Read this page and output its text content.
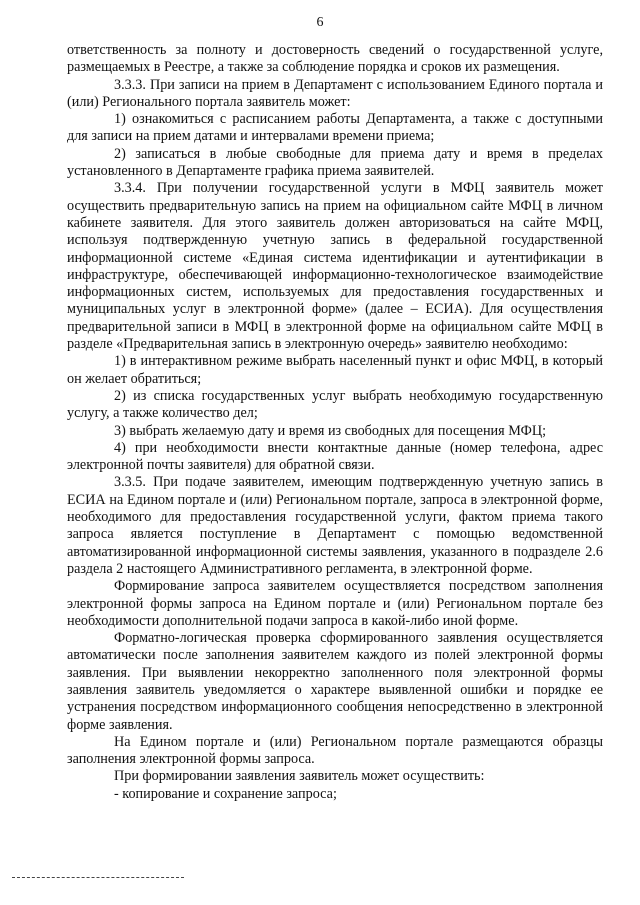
6

ответственность за полноту и достоверность сведений о государственной услуге, размещаемых в Реестре, а также за соблюдение порядка и сроков их размещения.

3.3.3. При записи на прием в Департамент с использованием Единого портала и (или) Регионального портала заявитель может:

1) ознакомиться с расписанием работы Департамента, а также с доступными для записи на прием датами и интервалами времени приема;

2) записаться в любые свободные для приема дату и время в пределах установленного в Департаменте графика приема заявителей.

3.3.4. При получении государственной услуги в МФЦ заявитель может осуществить предварительную запись на прием на официальном сайте МФЦ в личном кабинете заявителя. Для этого заявитель должен авторизоваться на сайте МФЦ, используя подтвержденную учетную запись в федеральной государственной информационной системе «Единая система идентификации и аутентификации в инфраструктуре, обеспечивающей информационно-технологическое взаимодействие информационных систем, используемых для предоставления государственных и муниципальных услуг в электронной форме» (далее – ЕСИА). Для осуществления предварительной записи в МФЦ в электронной форме на официальном сайте МФЦ в разделе «Предварительная запись в электронную очередь» заявителю необходимо:

1) в интерактивном режиме выбрать населенный пункт и офис МФЦ, в который он желает обратиться;

2) из списка государственных услуг выбрать необходимую государственную услугу, а также количество дел;

3) выбрать желаемую дату и время из свободных для посещения МФЦ;

4) при необходимости внести контактные данные (номер телефона, адрес электронной почты заявителя) для обратной связи.

3.3.5. При подаче заявителем, имеющим подтвержденную учетную запись в ЕСИА на Едином портале и (или) Региональном портале, запроса в электронной форме, необходимого для предоставления государственной услуги, фактом приема такого запроса является поступление в Департамент с помощью ведомственной автоматизированной информационной системы заявления, указанного в подразделе 2.6 раздела 2 настоящего Административного регламента, в электронной форме.

Формирование запроса заявителем осуществляется посредством заполнения электронной формы запроса на Едином портале и (или) Региональном портале без необходимости дополнительной подачи запроса в какой-либо иной форме.

Форматно-логическая проверка сформированного заявления осуществляется автоматически после заполнения заявителем каждого из полей электронной формы заявления. При выявлении некорректно заполненного поля электронной формы заявления заявитель уведомляется о характере выявленной ошибки и порядке ее устранения посредством информационного сообщения непосредственно в электронной форме заявления.

На Едином портале и (или) Региональном портале размещаются образцы заполнения электронной формы запроса.

При формировании заявления заявитель может осуществить:

- копирование и сохранение запроса;
